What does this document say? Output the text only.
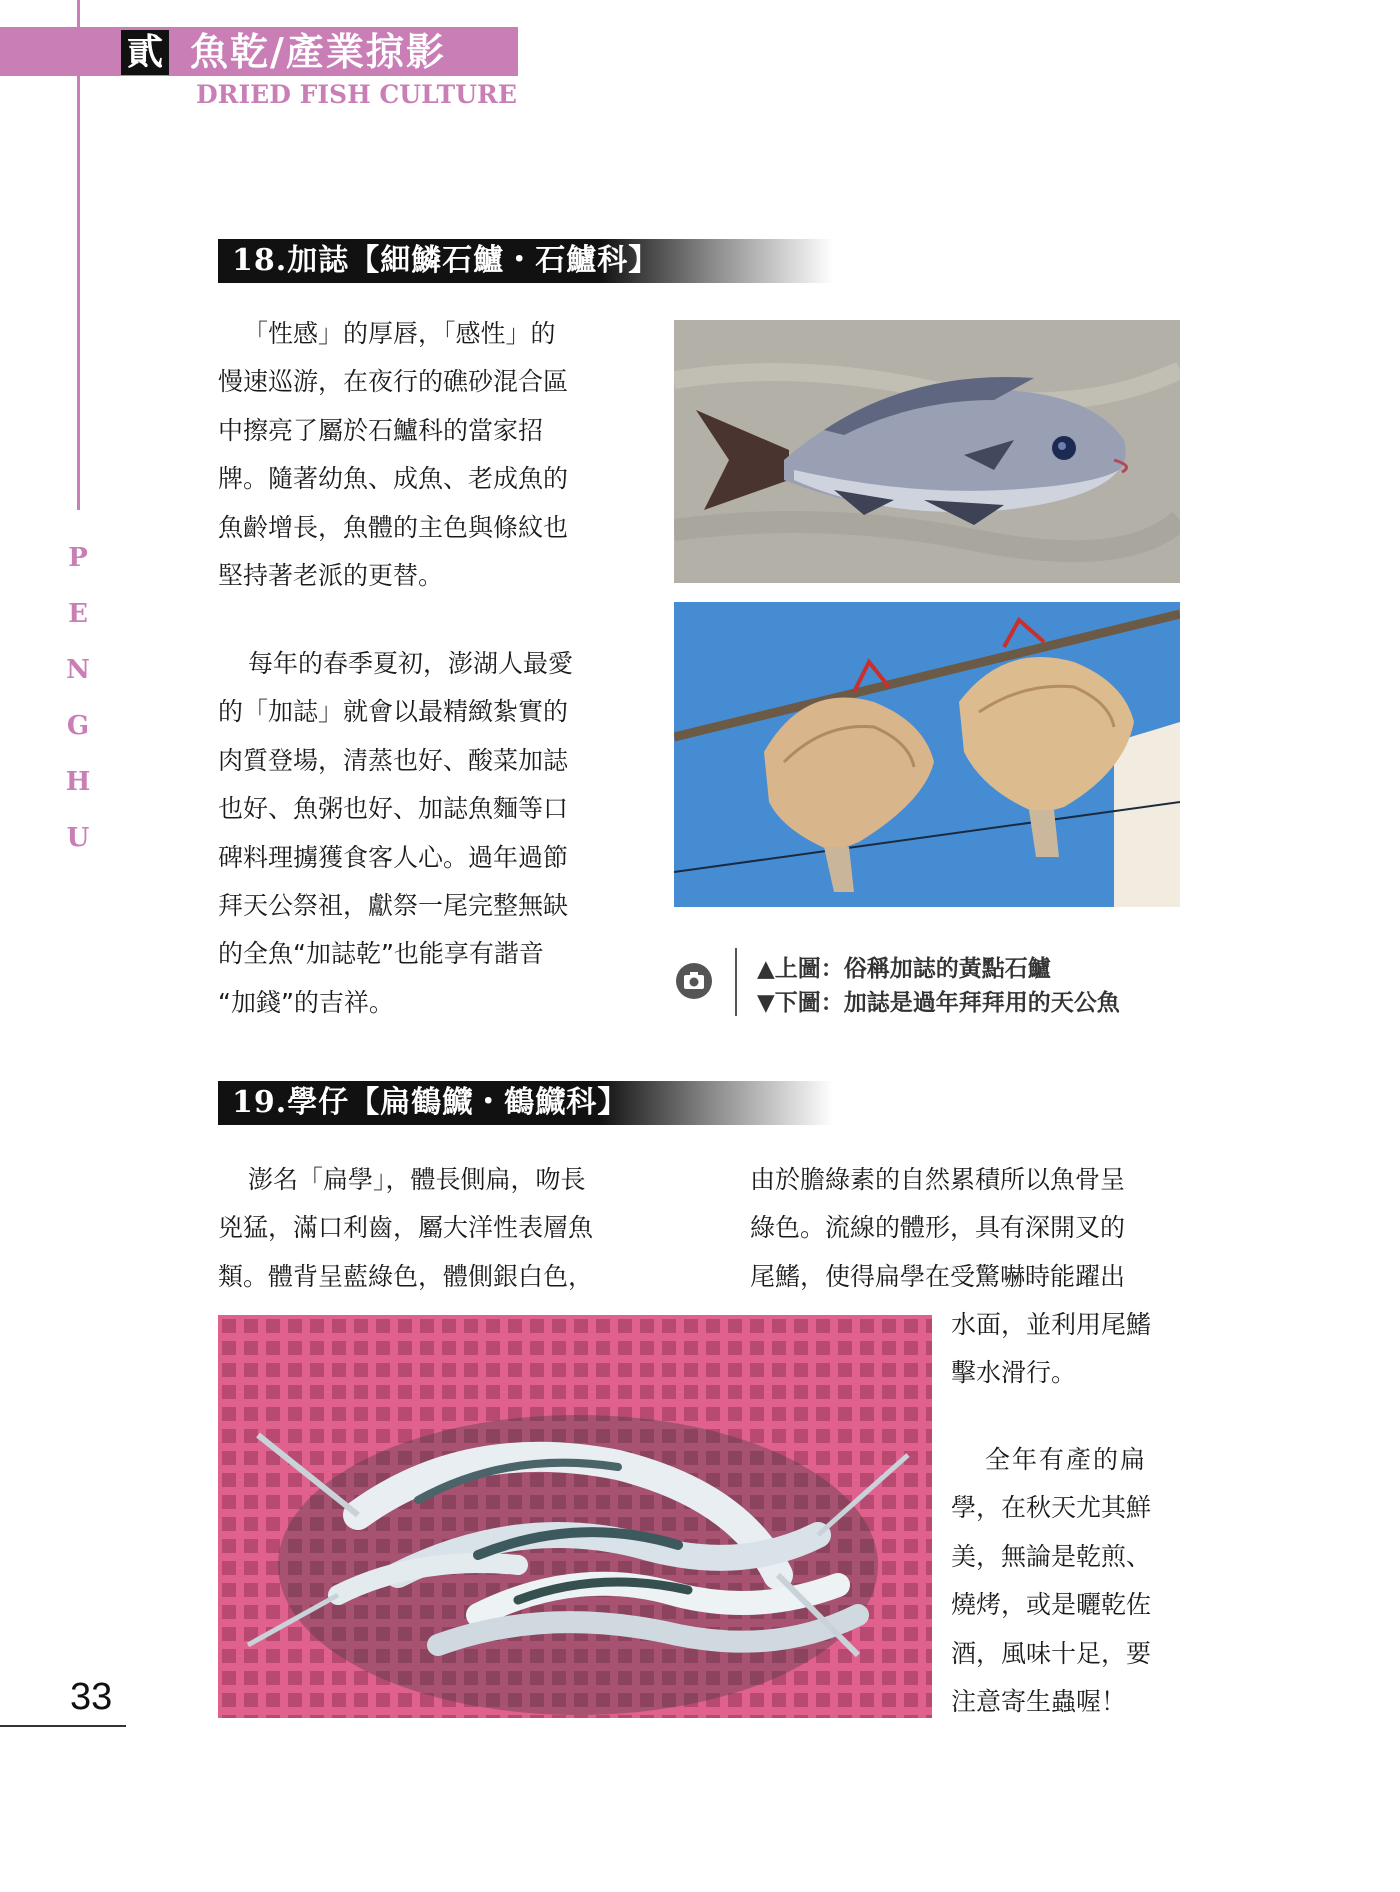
貳 魚乾/產業掠影
DRIED FISH CULTURE
P
E
N
G
H
U
33
18.加誌【細鱗石鱸・石鱸科】

「性感」的厚唇，「感性」的

慢速巡游，在夜行的礁砂混合區

中擦亮了屬於石鱸科的當家招

牌。隨著幼魚、成魚、老成魚的

魚齡增長，魚體的主色與條紋也

堅持著老派的更替。

每年的春季夏初，澎湖人最愛

的「加誌」就會以最精緻紮實的

肉質登場，清蒸也好、酸菜加誌

也好、魚粥也好、加誌魚麵等口

碑料理擄獲食客人心。過年過節

拜天公祭祖，獻祭一尾完整無缺

的全魚“加誌乾”也能享有諧音

“加錢”的吉祥。

▲上圖：俗稱加誌的黃點石鱸
▼下圖：加誌是過年拜拜用的天公魚
19.學仔【扁鶴鱵・鶴鱵科】

澎名「扁學」，體長側扁，吻長

兇猛，滿口利齒，屬大洋性表層魚

類。體背呈藍綠色，體側銀白色，

由於膽綠素的自然累積所以魚骨呈

綠色。流線的體形，具有深開叉的

尾鰭，使得扁學在受驚嚇時能躍出

水面，並利用尾鰭

擊水滑行。

全年有產的扁

學，在秋天尤其鮮

美，無論是乾煎、

燒烤，或是曬乾佐

酒，風味十足，要

注意寄生蟲喔！
